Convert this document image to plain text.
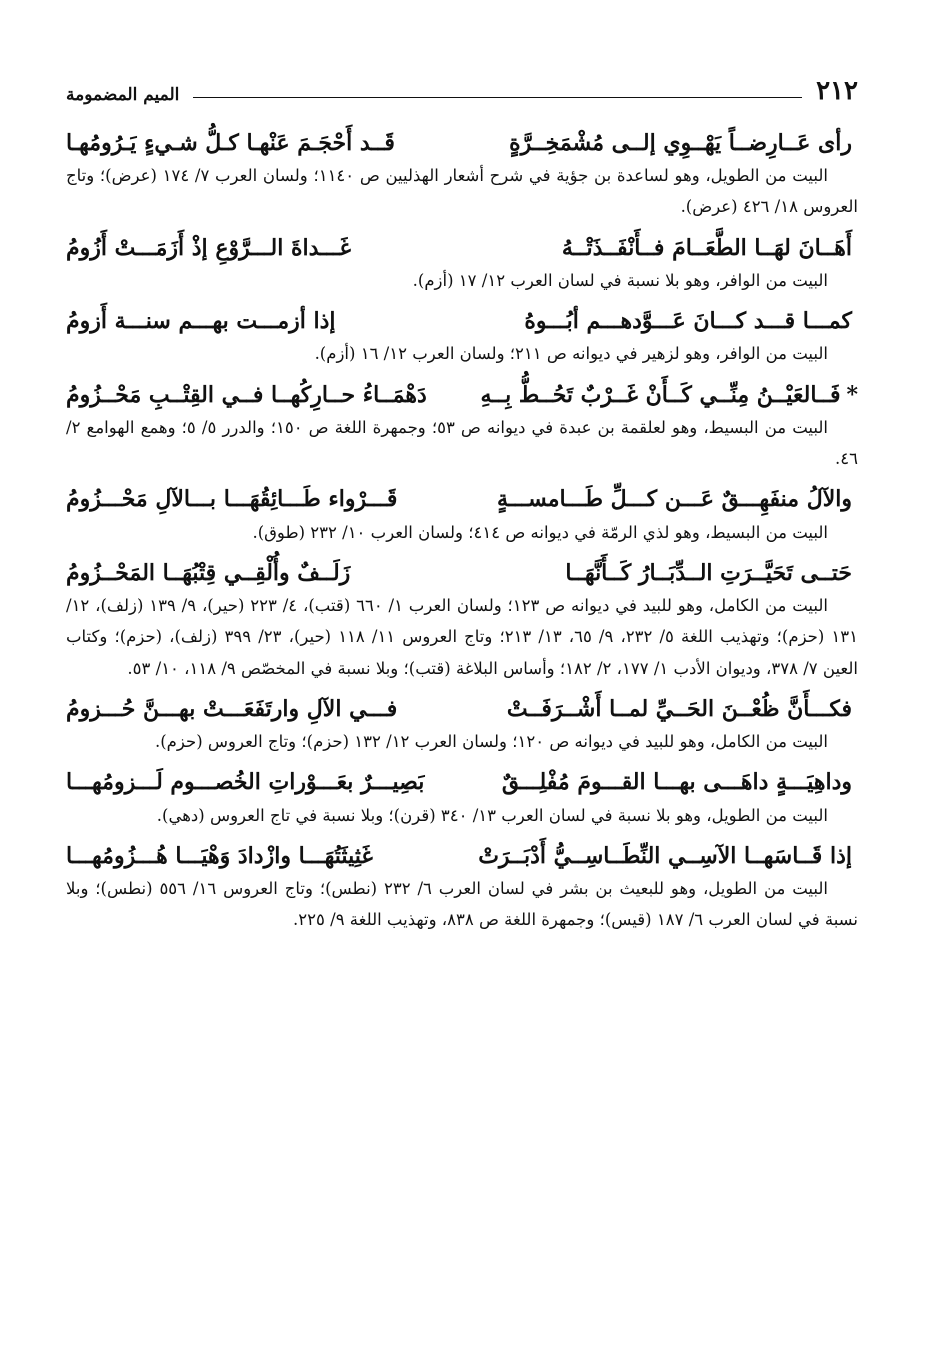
٢١٢
الميم المضمومة
رأى عَــارِضــاً يَهْــوِي إلــى مُشْمَخِــرَّةٍ
قَــد أَحْجَـمَ عَنْهـا كـلُّ شـيءٍ يَـرُومُهـا

البيت من الطويل، وهو لساعدة بن جؤية في شرح أشعار الهذليين ص ١١٤٠؛ ولسان العرب ٧/ ١٧٤ (عرض)؛ وتاج العروس ١٨/ ٤٢٦ (عرض).

أَهَــانَ لهَــا الطَّعَــامَ فــأَنْفَــذَتْــهُ
غَـــداةَ الـــرَّوْعِ إذْ أَزَمَـــتْ أَزُومُ

البيت من الوافر، وهو بلا نسبة في لسان العرب ١٢/ ١٧ (أزم).

كمـــا قـــد كـــانَ عَـــوَّدهـــم أبُـــوهُ
إذا أزمـــت بهـــم سنـــة أَزومُ

البيت من الوافر، وهو لزهير في ديوانه ص ٢١١؛ ولسان العرب ١٢/ ١٦ (أزم).

*فَــالعَيْــنُ مِنِّــي كَــأَنْ غَــرْبٌ تَحُــطُّ بِــهِ
دَهْمَــاءُ حــارِكُهــا فــي القِتْــبِ مَحْــزُومُ

البيت من البسيط، وهو لعلقمة بن عبدة في ديوانه ص ٥٣؛ وجمهرة اللغة ص ١٥٠؛ والدرر ٥/ ٥؛ وهمع الهوامع ٢/ ٤٦.

والآلُ منفَهِـــقٌ عَـــن كـــلِّ طَـــامســـةٍ
قَـــرْواء طَـــائِقُهَـــا بـــالآلِ مَحْـــزُومُ

البيت من البسيط، وهو لذي الرمّة في ديوانه ص ٤١٤؛ ولسان العرب ١٠/ ٢٣٢ (طوق).

حَتــى تَحَيَّــرَتِ الــدِّبَــارُ كَــأَنَّهَــا
زَلَــفٌ وأُلْقِــي قِتْبُهَــا المَحْــزُومُ

البيت من الكامل، وهو للبيد في ديوانه ص ١٢٣؛ ولسان العرب ١/ ٦٦٠ (قتب)، ٤/ ٢٢٣ (حير)، ٩/ ١٣٩ (زلف)، ١٢/ ١٣١ (حزم)؛ وتهذيب اللغة ٥/ ٢٣٢، ٩/ ٦٥، ١٣/ ٢١٣؛ وتاج العروس ١١/ ١١٨ (حير)، ٢٣/ ٣٩٩ (زلف)، (حزم)؛ وكتاب العين ٧/ ٣٧٨، وديوان الأدب ١/ ١٧٧، ٢/ ١٨٢؛ وأساس البلاغة (قتب)؛ وبلا نسبة في المخصّص ٩/ ١١٨، ١٠/ ٥٣.

فكـــأَنَّ ظُعْــنَ الحَــيِّ لمــا أَشْــرَفَــتْ
فـــي الآلِ وارتَفَعَـــتْ بهـــنَّ حُـــزومُ

البيت من الكامل، وهو للبيد في ديوانه ص ١٢٠؛ ولسان العرب ١٢/ ١٣٢ (حزم)؛ وتاج العروس (حزم).

وداهِيَـــةٍ داهَـــى بهـــا القـــومَ مُفْلِـــقٌ
بَصِيـــرٌ بعَـــوْراتِ الخُصـــوم لَـــزومُهـــا

البيت من الطويل، وهو بلا نسبة في لسان العرب ١٣/ ٣٤٠ (قرن)؛ وبلا نسبة في تاج العروس (دهي).

إذا قَــاسَهــا الآسِــي النِّطَــاسِــيُّ أَدْبَــرَتْ
غَثِيثَتُهَـــا وازْدادَ وَهْيَـــا هُـــزُومُهـــا

البيت من الطويل، وهو للبعيث بن بشر في لسان العرب ٦/ ٢٣٢ (نطس)؛ وتاج العروس ١٦/ ٥٥٦ (نطس)؛ وبلا نسبة في لسان العرب ٦/ ١٨٧ (قيس)؛ وجمهرة اللغة ص ٨٣٨، وتهذيب اللغة ٩/ ٢٢٥.
